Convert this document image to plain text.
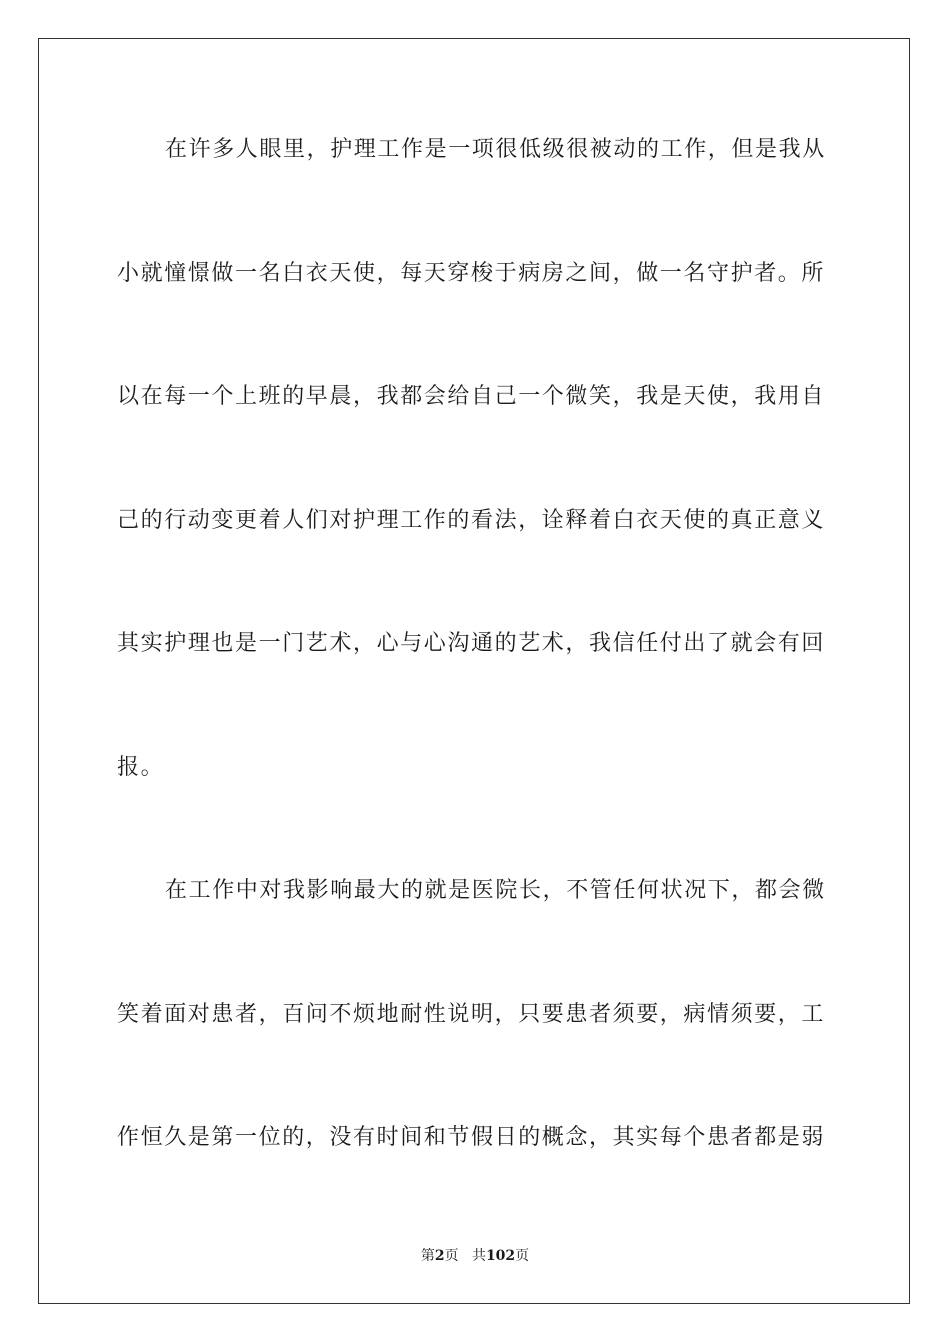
在许多人眼里，护理工作是一项很低级很被动的工作，但是我从
小就憧憬做一名白衣天使，每天穿梭于病房之间，做一名守护者。所
以在每一个上班的早晨，我都会给自己一个微笑，我是天使，我用自
己的行动变更着人们对护理工作的看法，诠释着白衣天使的真正意义
其实护理也是一门艺术，心与心沟通的艺术，我信任付出了就会有回
报。
在工作中对我影响最大的就是医院长，不管任何状况下，都会微
笑着面对患者，百问不烦地耐性说明，只要患者须要，病情须要，工
作恒久是第一位的，没有时间和节假日的概念，其实每个患者都是弱
第2页 共102页
